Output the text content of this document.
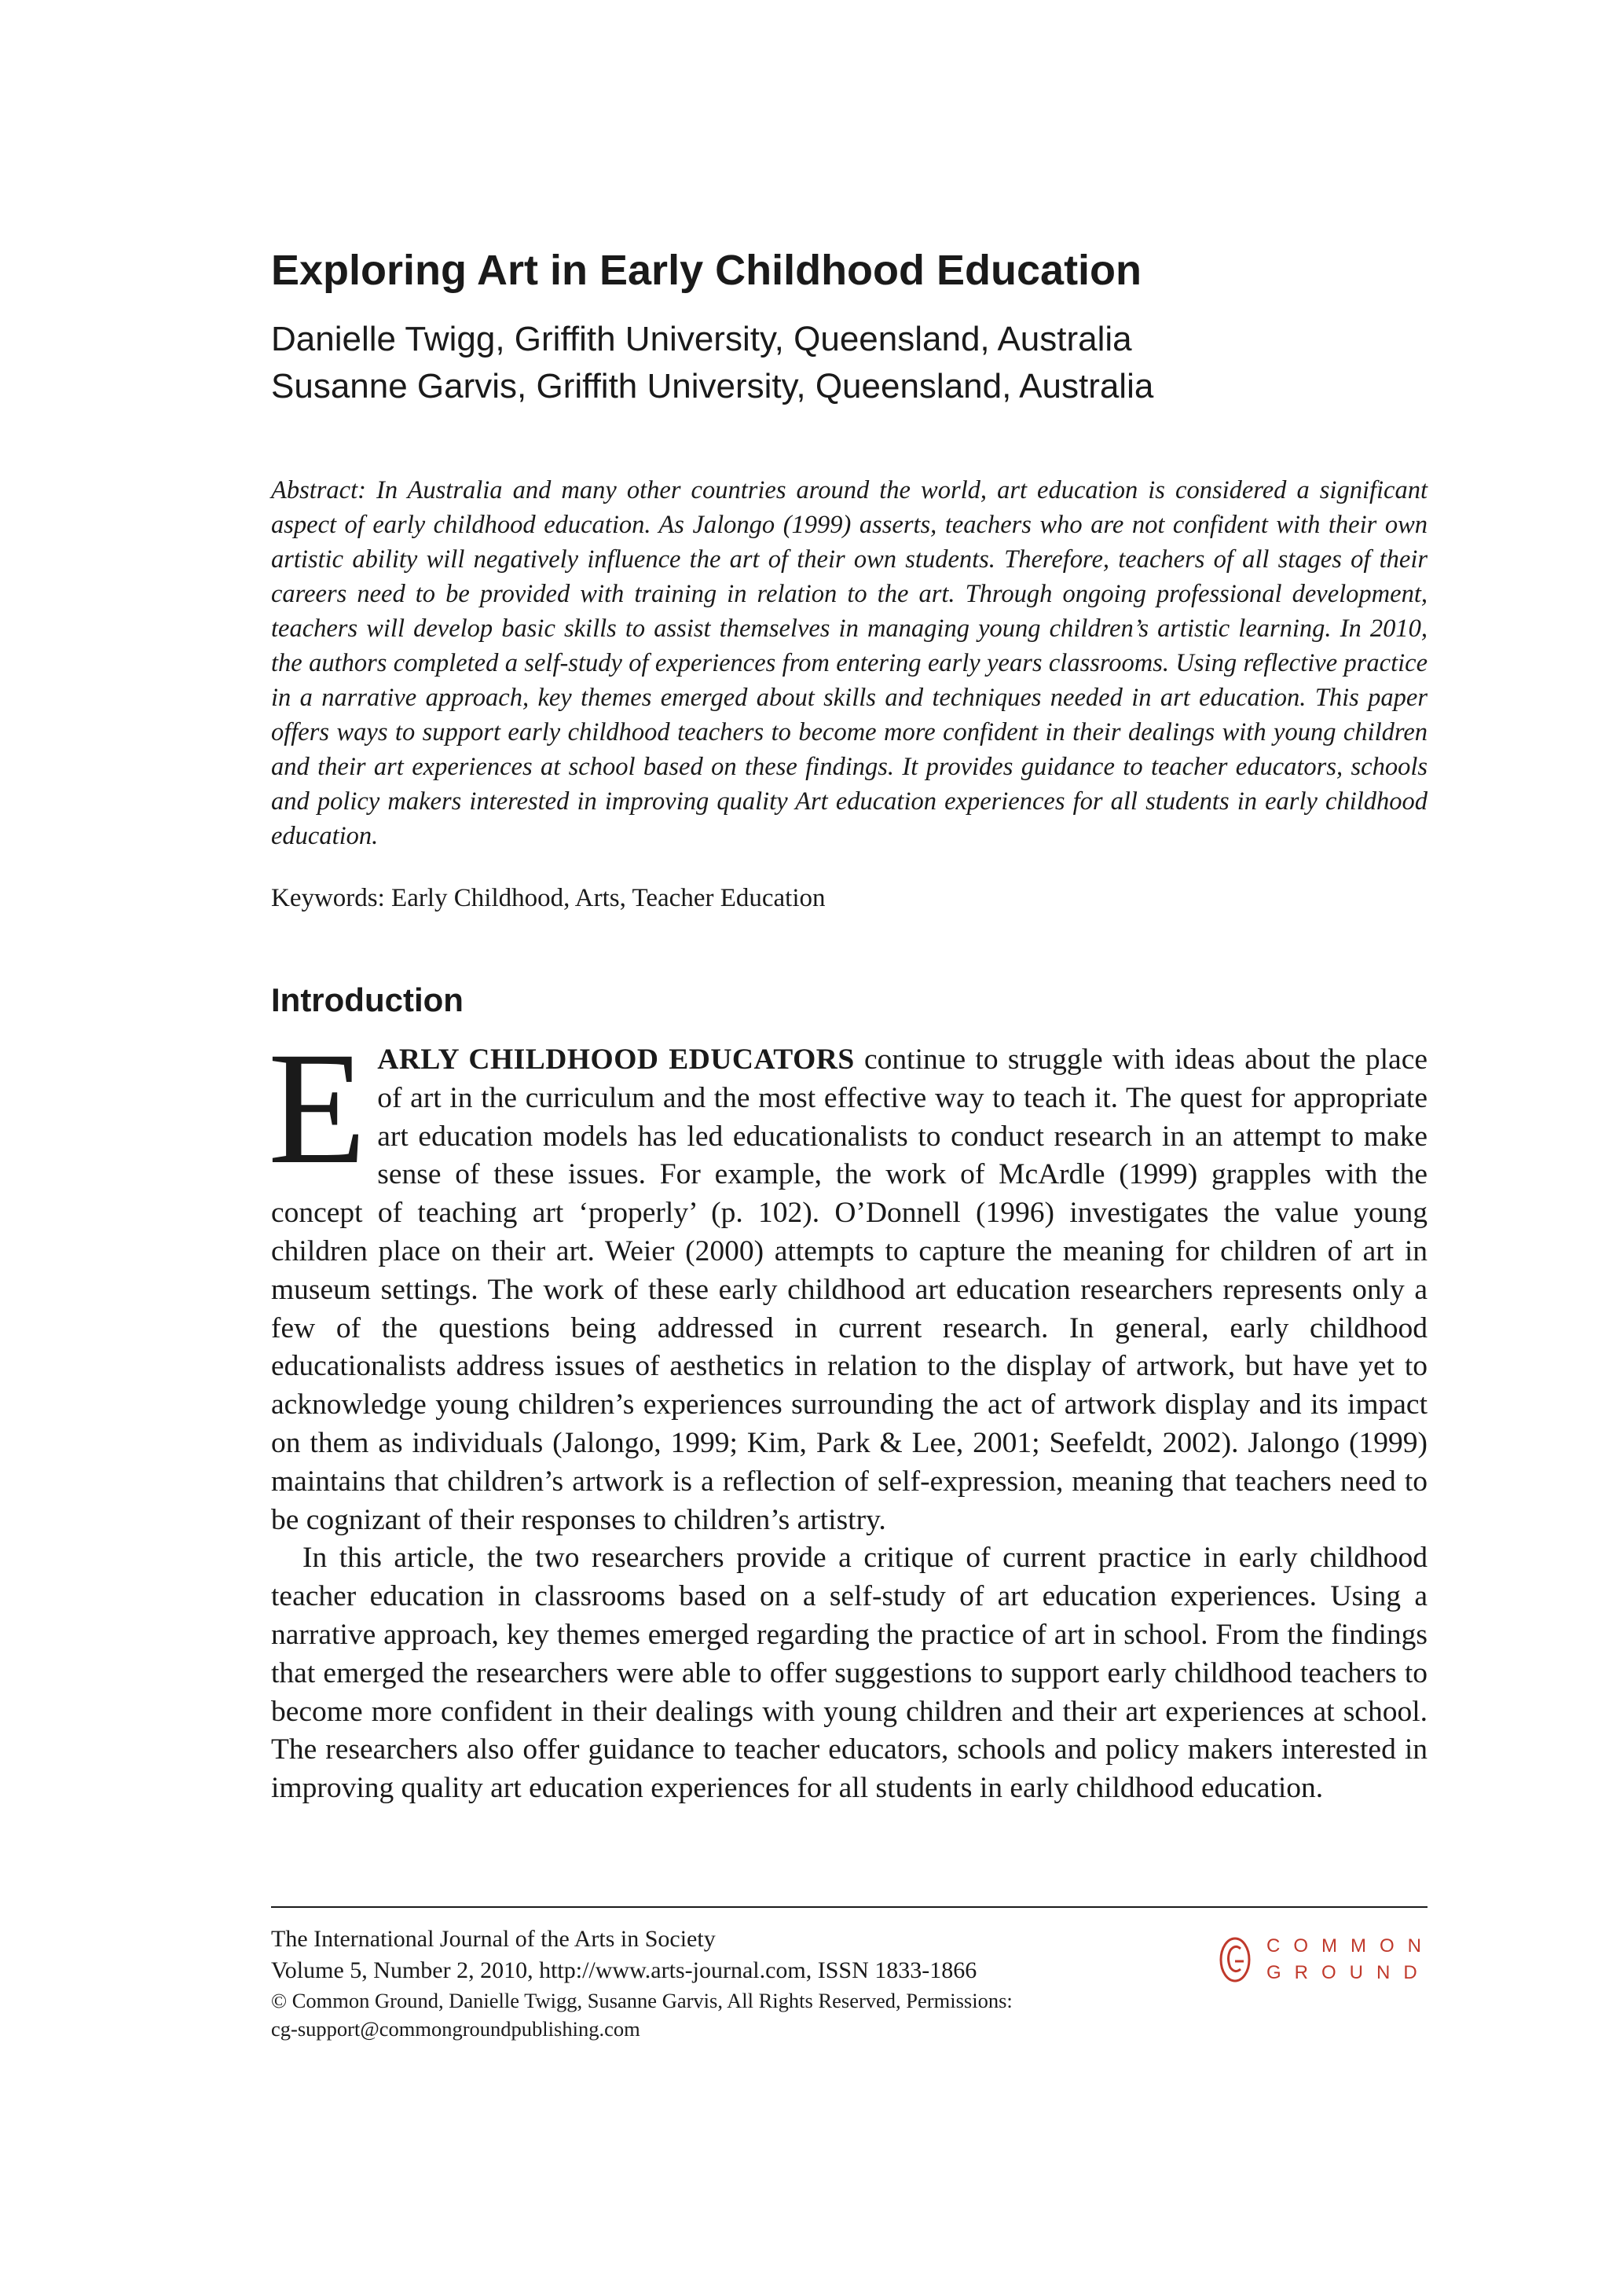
Exploring Art in Early Childhood Education
Danielle Twigg, Griffith University, Queensland, Australia
Susanne Garvis, Griffith University, Queensland, Australia

Abstract: In Australia and many other countries around the world, art education is considered a significant aspect of early childhood education. As Jalongo (1999) asserts, teachers who are not confident with their own artistic ability will negatively influence the art of their own students. Therefore, teachers of all stages of their careers need to be provided with training in relation to the art. Through ongoing professional development, teachers will develop basic skills to assist themselves in managing young children’s artistic learning. In 2010, the authors completed a self-study of experiences from entering early years classrooms. Using reflective practice in a narrative approach, key themes emerged about skills and techniques needed in art education. This paper offers ways to support early childhood teachers to become more confident in their dealings with young children and their art experiences at school based on these findings. It provides guidance to teacher educators, schools and policy makers interested in improving quality Art education experiences for all students in early childhood education.

Keywords: Early Childhood, Arts, Teacher Education

Introduction

EARLY CHILDHOOD EDUCATORS continue to struggle with ideas about the place of art in the curriculum and the most effective way to teach it. The quest for appropriate art education models has led educationalists to conduct research in an attempt to make sense of these issues. For example, the work of McArdle (1999) grapples with the concept of teaching art ‘properly’ (p. 102). O’Donnell (1996) investigates the value young children place on their art. Weier (2000) attempts to capture the meaning for children of art in museum settings. The work of these early childhood art education researchers represents only a few of the questions being addressed in current research. In general, early childhood educationalists address issues of aesthetics in relation to the display of artwork, but have yet to acknowledge young children’s experiences surrounding the act of artwork display and its impact on them as individuals (Jalongo, 1999; Kim, Park & Lee, 2001; Seefeldt, 2002). Jalongo (1999) maintains that children’s artwork is a reflection of self-expression, meaning that teachers need to be cognizant of their responses to children’s artistry.

In this article, the two researchers provide a critique of current practice in early childhood teacher education in classrooms based on a self-study of art education experiences. Using a narrative approach, key themes emerged regarding the practice of art in school. From the findings that emerged the researchers were able to offer suggestions to support early childhood teachers to become more confident in their dealings with young children and their art experiences at school. The researchers also offer guidance to teacher educators, schools and policy makers interested in improving quality art education experiences for all students in early childhood education.

The International Journal of the Arts in Society
Volume 5, Number 2, 2010, http://www.arts-journal.com, ISSN 1833-1866
© Common Ground, Danielle Twigg, Susanne Garvis, All Rights Reserved, Permissions:
cg-support@commongroundpublishing.com
COMMON
GROUND
